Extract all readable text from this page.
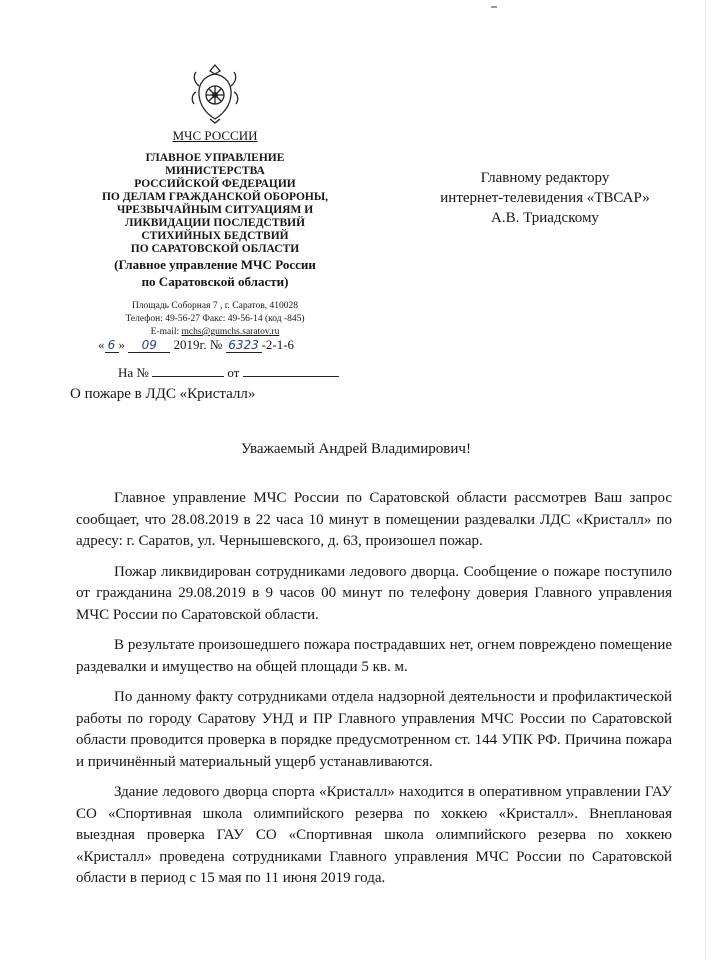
МЧС РОССИИ
ГЛАВНОЕ УПРАВЛЕНИЕ
МИНИСТЕРСТВА
РОССИЙСКОЙ ФЕДЕРАЦИИ
ПО ДЕЛАМ ГРАЖДАНСКОЙ ОБОРОНЫ,
ЧРЕЗВЫЧАЙНЫМ СИТУАЦИЯМ И
ЛИКВИДАЦИИ ПОСЛЕДСТВИЙ
СТИХИЙНЫХ БЕДСТВИЙ
ПО САРАТОВСКОЙ ОБЛАСТИ
(Главное управление МЧС России
по Саратовской области)
Площадь Соборная 7 , г. Саратов, 410028
Телефон: 49-56-27 Факс: 49-56-14 (код -845)
E-mail: mchs@gumchs.saratov.ru
« 6 » 09 2019г. № 6323 -2-1-6
На №	от
Главному редактору
интернет-телевидения «ТВСАР»
А.В. Триадскому
О пожаре в ЛДС «Кристалл»
Уважаемый Андрей Владимирович!

Главное управление МЧС России по Саратовской области рассмотрев Ваш запрос сообщает, что 28.08.2019 в 22 часа 10 минут в помещении раздевалки ЛДС «Кристалл» по адресу: г. Саратов, ул. Чернышевского, д. 63, произошел пожар.

Пожар ликвидирован сотрудниками ледового дворца. Сообщение о пожаре поступило от гражданина 29.08.2019 в 9 часов 00 минут по телефону доверия Главного управления МЧС России по Саратовской области.

В результате произошедшего пожара пострадавших нет, огнем повреждено помещение раздевалки и имущество на общей площади 5 кв. м.

По данному факту сотрудниками отдела надзорной деятельности и профилактической работы по городу Саратову УНД и ПР Главного управления МЧС России по Саратовской области проводится проверка в порядке предусмотренном ст. 144 УПК РФ. Причина пожара и причинённый материальный ущерб устанавливаются.

Здание ледового дворца спорта «Кристалл» находится в оперативном управлении ГАУ СО «Спортивная школа олимпийского резерва по хоккею «Кристалл». Внеплановая выездная проверка ГАУ СО «Спортивная школа олимпийского резерва по хоккею «Кристалл» проведена сотрудниками Главного управления МЧС России по Саратовской области в период с 15 мая по 11 июня 2019 года.
